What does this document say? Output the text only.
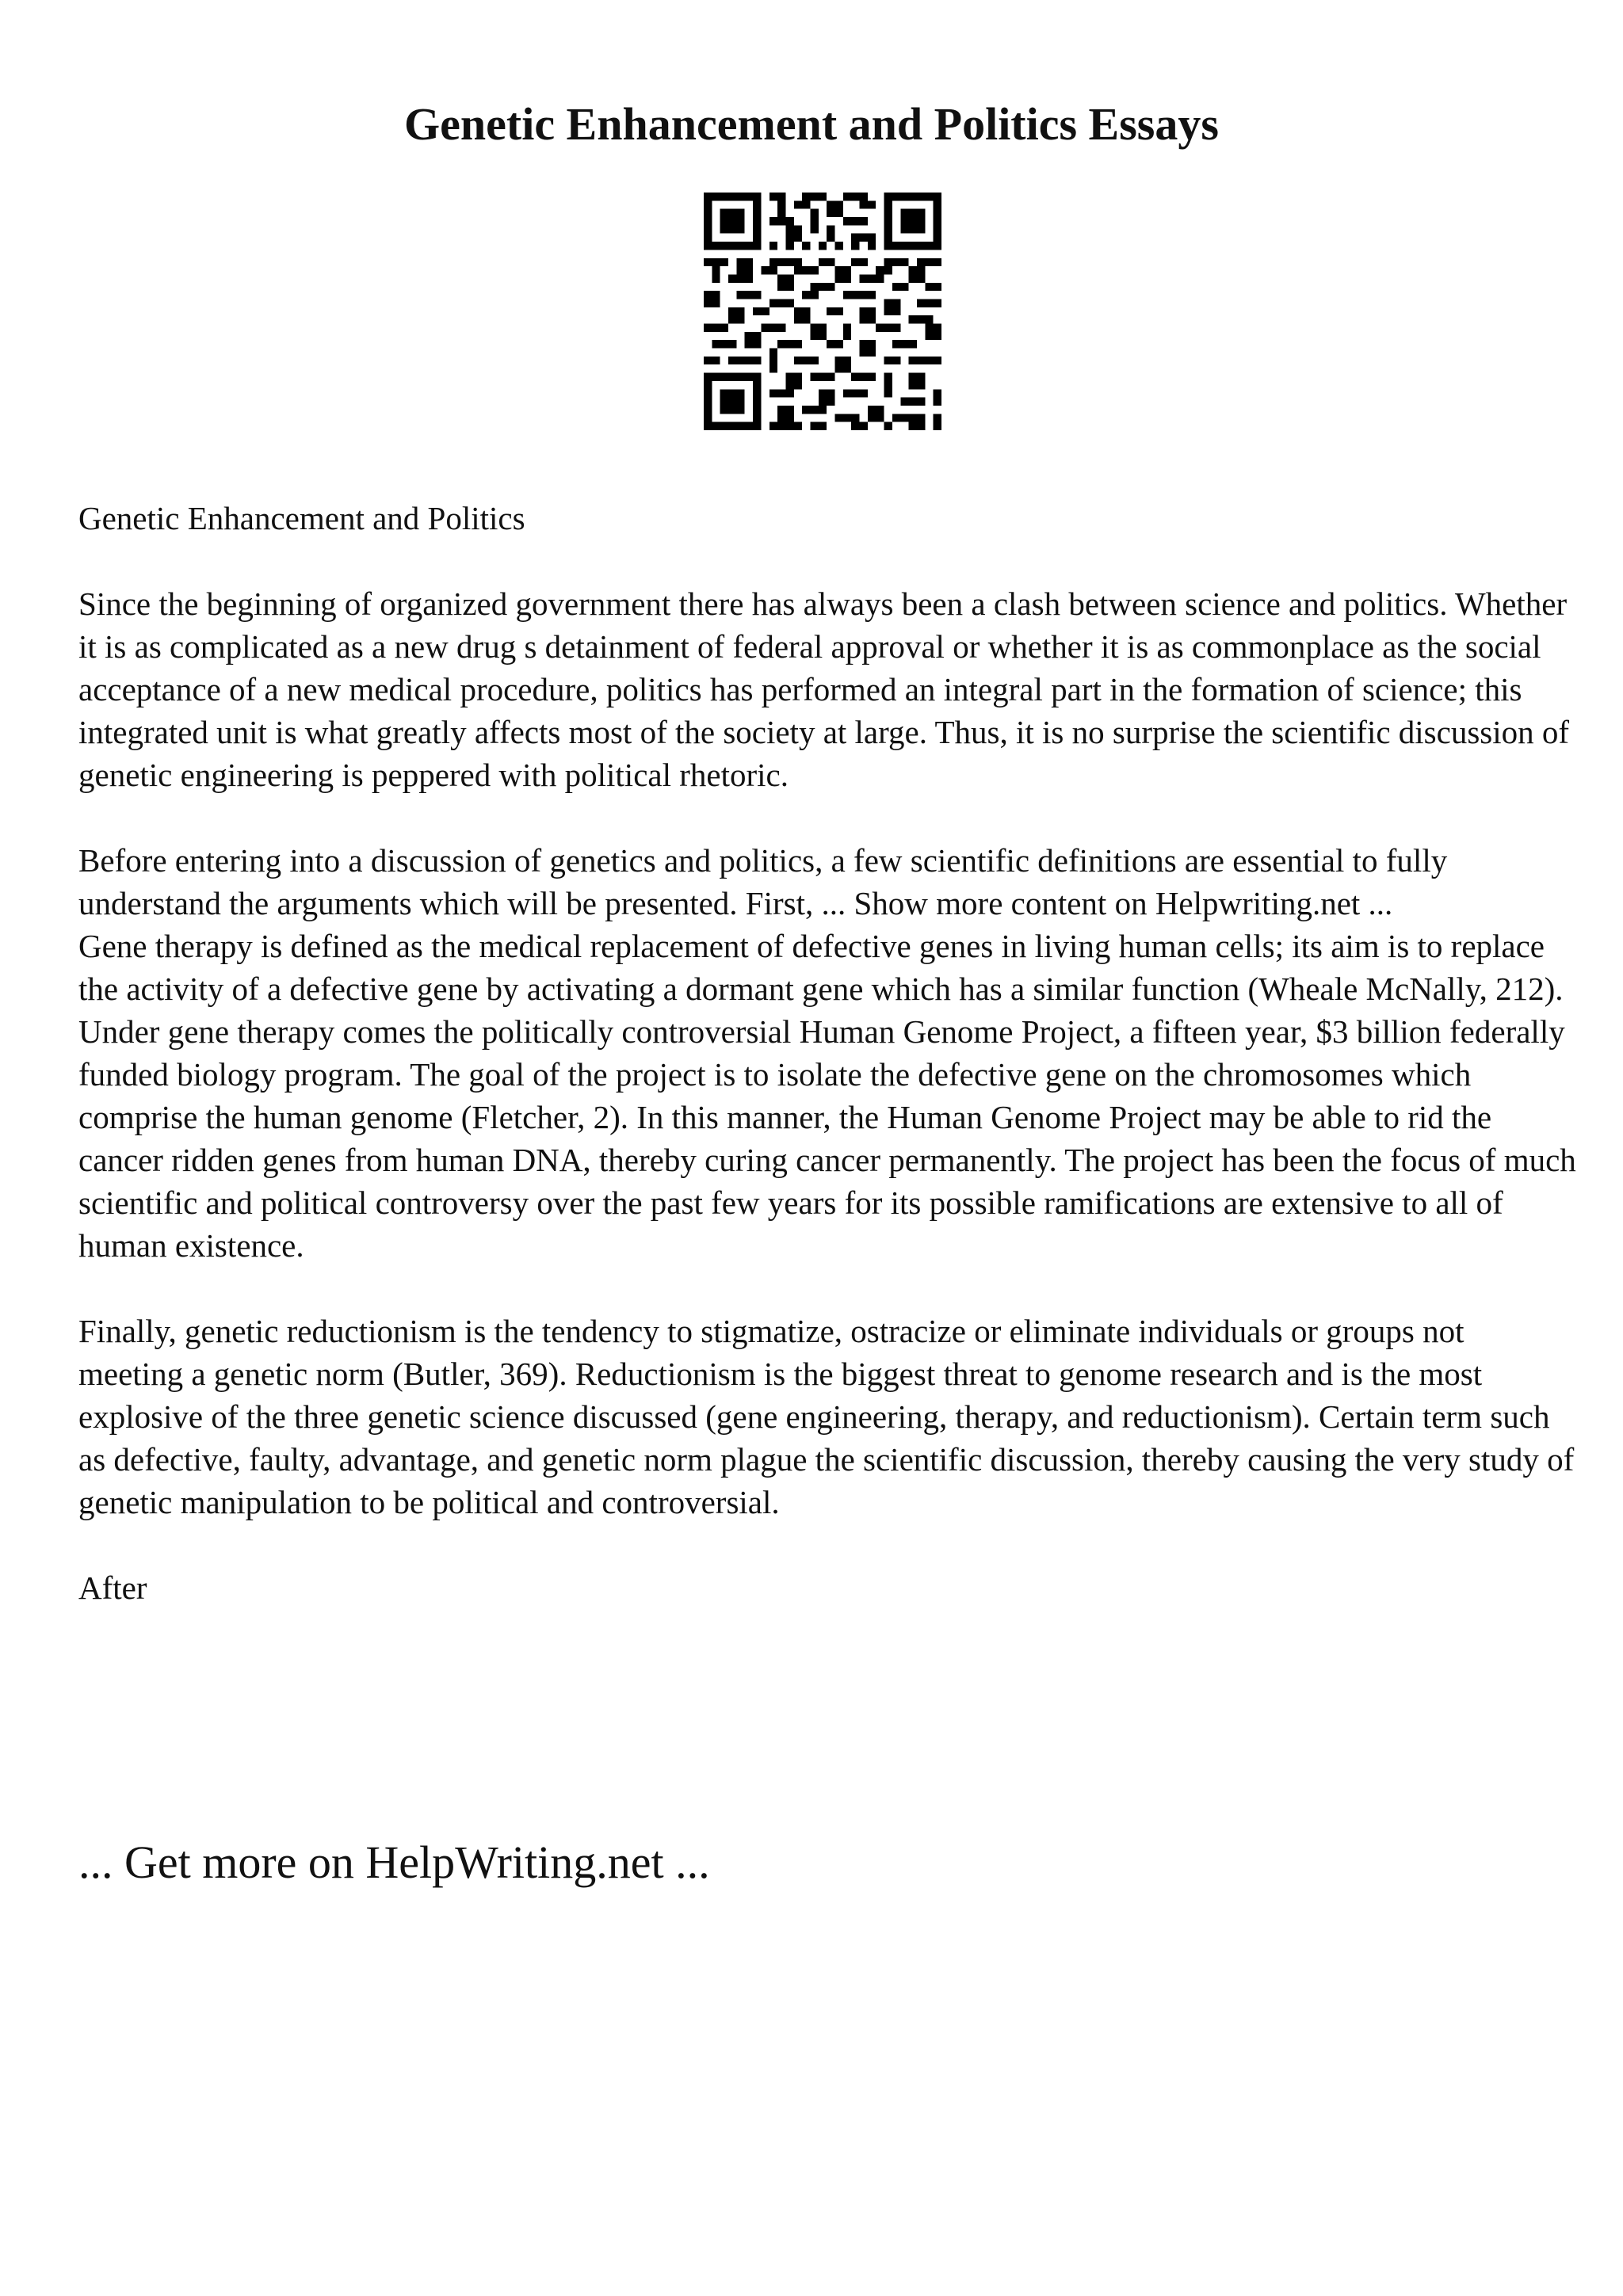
Genetic Enhancement and Politics Essays

Genetic Enhancement and Politics

Since the beginning of organized government there has always been a clash between science and politics. Whether it is as complicated as a new drug s detainment of federal approval or whether it is as commonplace as the social acceptance of a new medical procedure, politics has performed an integral part in the formation of science; this integrated unit is what greatly affects most of the society at large. Thus, it is no surprise the scientific discussion of genetic engineering is peppered with political rhetoric.

Before entering into a discussion of genetics and politics, a few scientific definitions are essential to fully understand the arguments which will be presented. First, ... Show more content on Helpwriting.net ...

Gene therapy is defined as the medical replacement of defective genes in living human cells; its aim is to replace the activity of a defective gene by activating a dormant gene which has a similar function (Wheale McNally, 212). Under gene therapy comes the politically controversial Human Genome Project, a fifteen year, $3 billion federally funded biology program. The goal of the project is to isolate the defective gene on the chromosomes which comprise the human genome (Fletcher, 2). In this manner, the Human Genome Project may be able to rid the cancer ridden genes from human DNA, thereby curing cancer permanently. The project has been the focus of much scientific and political controversy over the past few years for its possible ramifications are extensive to all of human existence.

Finally, genetic reductionism is the tendency to stigmatize, ostracize or eliminate individuals or groups not meeting a genetic norm (Butler, 369). Reductionism is the biggest threat to genome research and is the most explosive of the three genetic science discussed (gene engineering, therapy, and reductionism). Certain term such as defective, faulty, advantage, and genetic norm plague the scientific discussion, thereby causing the very study of genetic manipulation to be political and controversial.

After

... Get more on HelpWriting.net ...
